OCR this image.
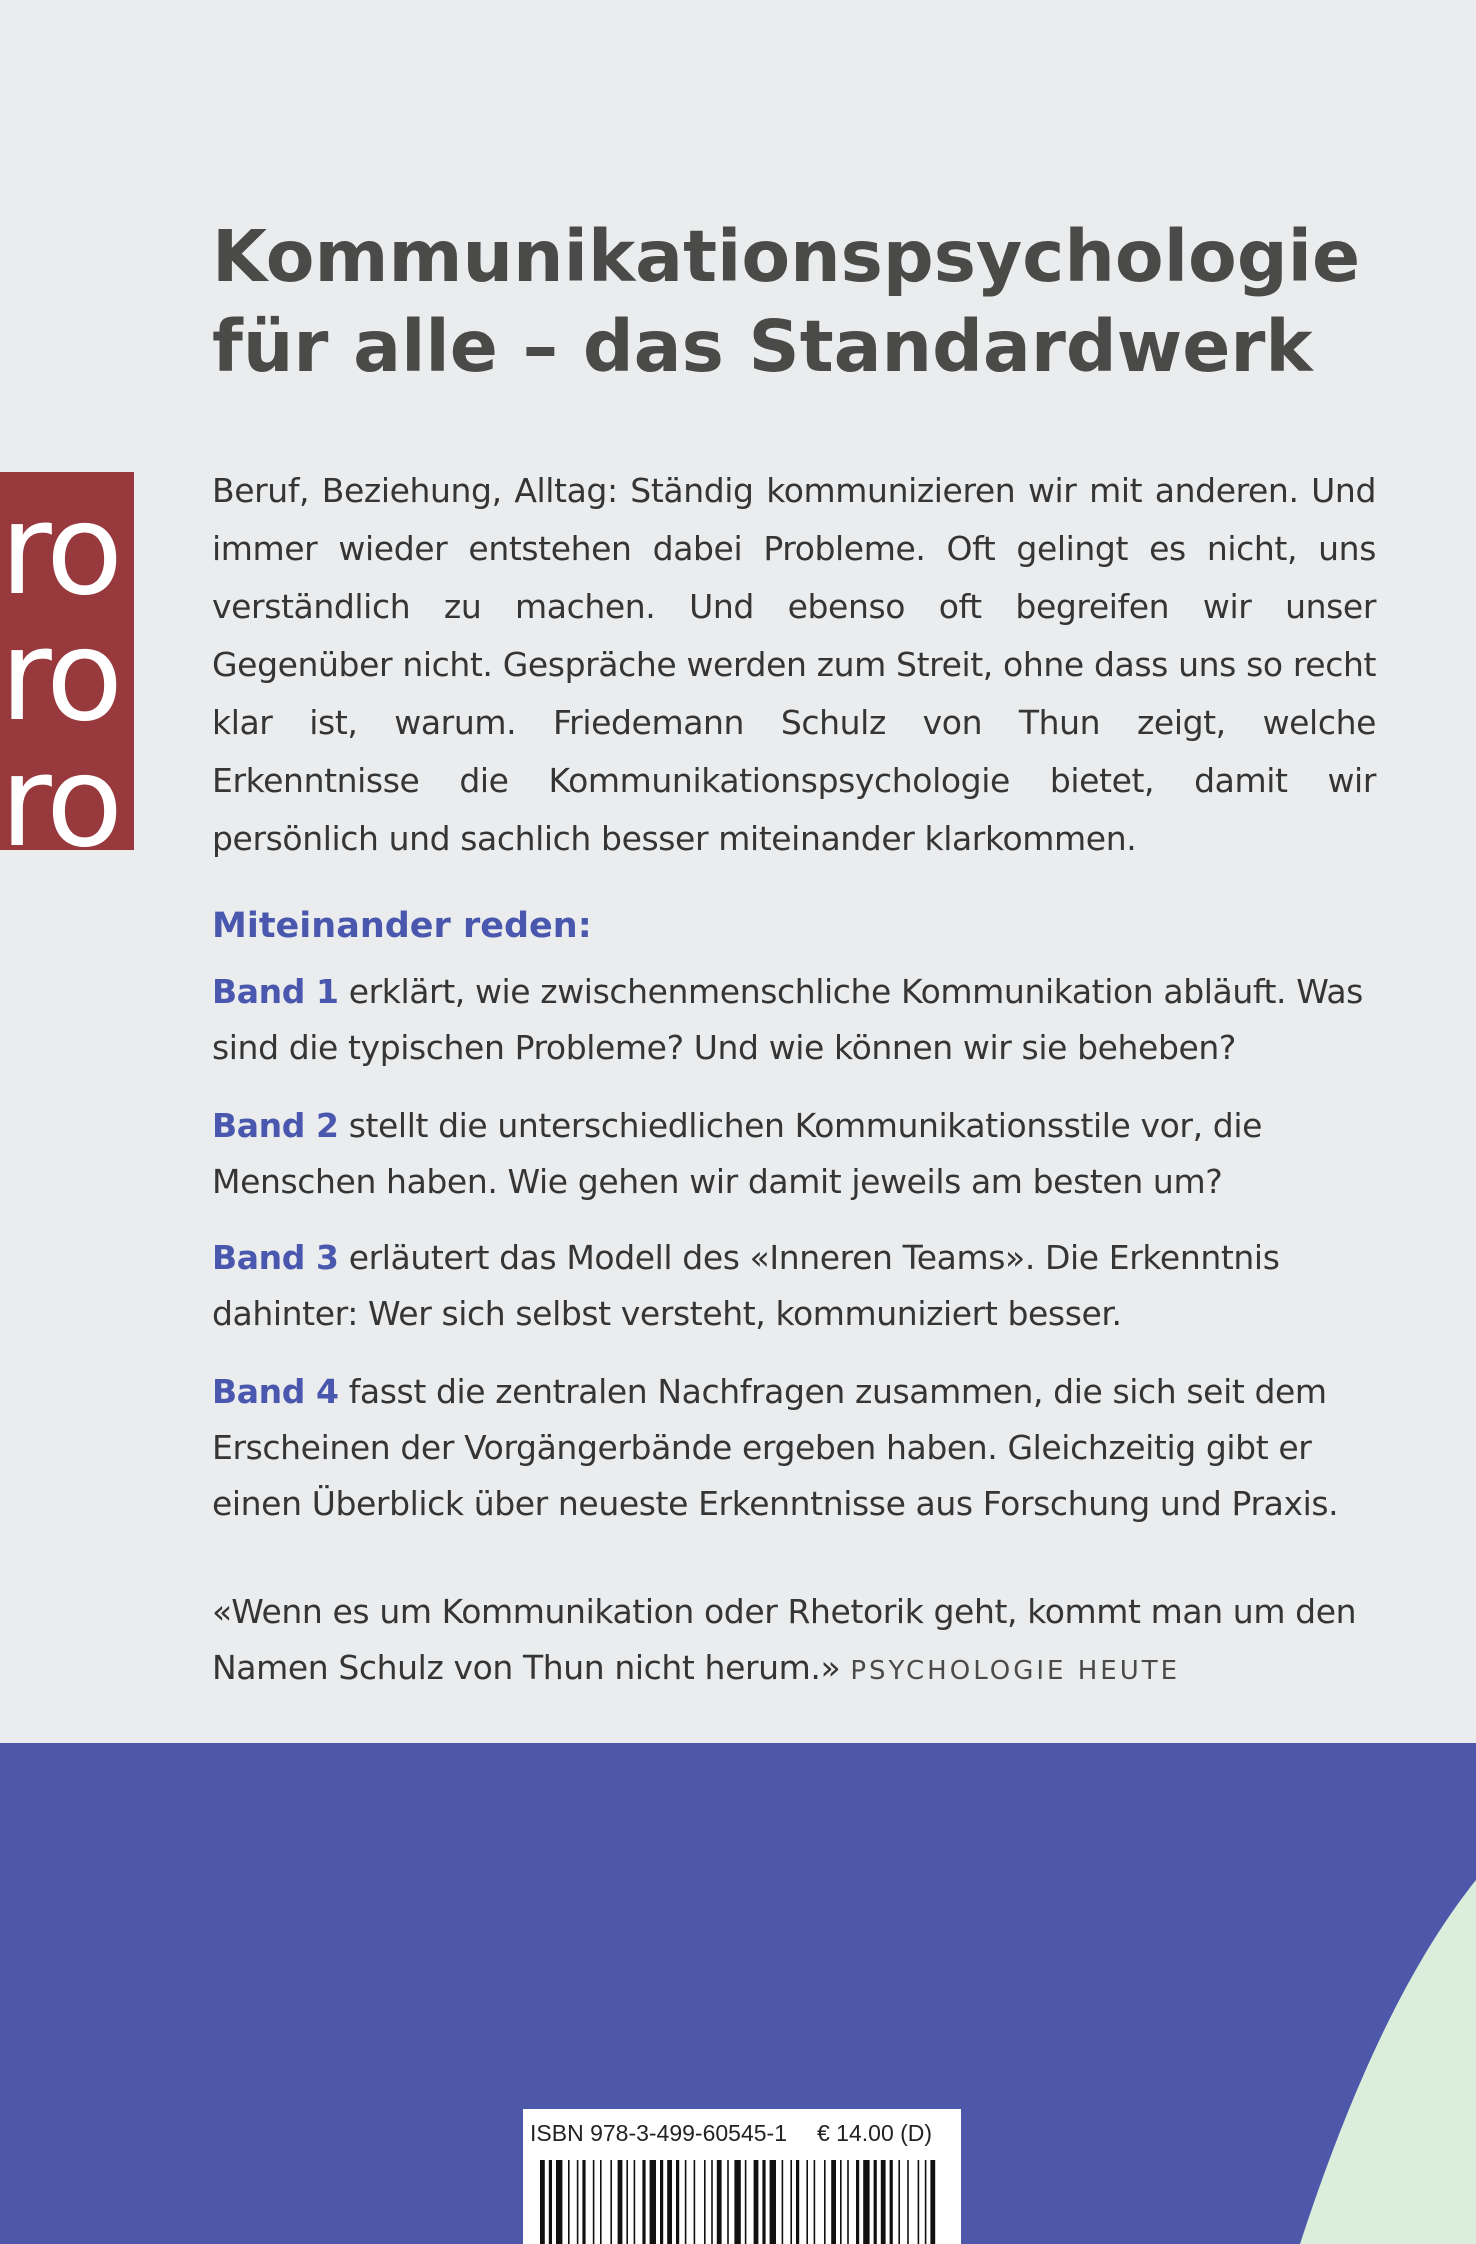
Kommunikationspsychologie
für alle – das Standardwerk
ro
ro
ro

Beruf, Beziehung, Alltag: Ständig kommunizieren wir mit anderen. Und immer wieder entstehen dabei Probleme. Oft gelingt es nicht, uns verständlich zu machen. Und ebenso oft begreifen wir unser Gegenüber nicht. Gespräche werden zum Streit, ohne dass uns so recht klar ist, warum. Friedemann Schulz von Thun zeigt, welche Erkenntnisse die Kommunikationspsychologie bietet, damit wir persönlich und sachlich besser miteinander klarkommen.

Miteinander reden:

Band 1 erklärt, wie zwischenmenschliche Kommunikation abläuft. Was sind die typischen Probleme? Und wie können wir sie beheben?

Band 2 stellt die unterschiedlichen Kommunikationsstile vor, die Menschen haben. Wie gehen wir damit jeweils am besten um?

Band 3 erläutert das Modell des «Inneren Teams». Die Erkenntnis dahinter: Wer sich selbst versteht, kommuniziert besser.

Band 4 fasst die zentralen Nachfragen zusammen, die sich seit dem Erscheinen der Vorgängerbände ergeben haben. Gleichzeitig gibt er einen Überblick über neueste Erkenntnisse aus Forschung und Praxis.

«Wenn es um Kommunikation oder Rhetorik geht, kommt man um den Namen Schulz von Thun nicht herum.» PSYCHOLOGIE HEUTE

ISBN 978-3-499-60545-1 € 14.00 (D)
